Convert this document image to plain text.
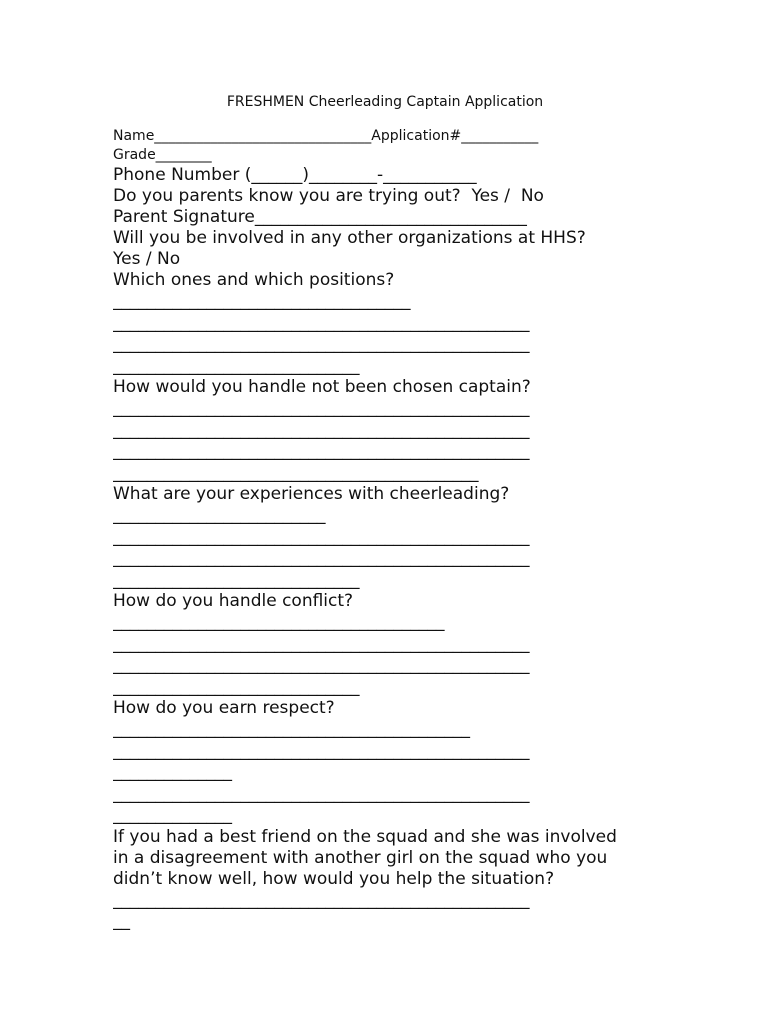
FRESHMEN Cheerleading Captain Application
Name_______________________________Application#___________
Grade________
Phone Number (______)________-___________
Do you parents know you are trying out?  Yes /  No
Parent Signature________________________________
Will you be involved in any other organizations at HHS?
Yes / No
Which ones and which positions?
___________________________________
_________________________________________________
_________________________________________________
_____________________________
How would you handle not been chosen captain?
_________________________________________________
_________________________________________________
_________________________________________________
___________________________________________
What are your experiences with cheerleading?
_________________________
_________________________________________________
_________________________________________________
_____________________________
How do you handle conflict?
_______________________________________
_________________________________________________
_________________________________________________
_____________________________
How do you earn respect?
__________________________________________
_________________________________________________
______________
_________________________________________________
______________
If you had a best friend on the squad and she was involved
in a disagreement with another girl on the squad who you
didn’t know well, how would you help the situation?
_________________________________________________
__
